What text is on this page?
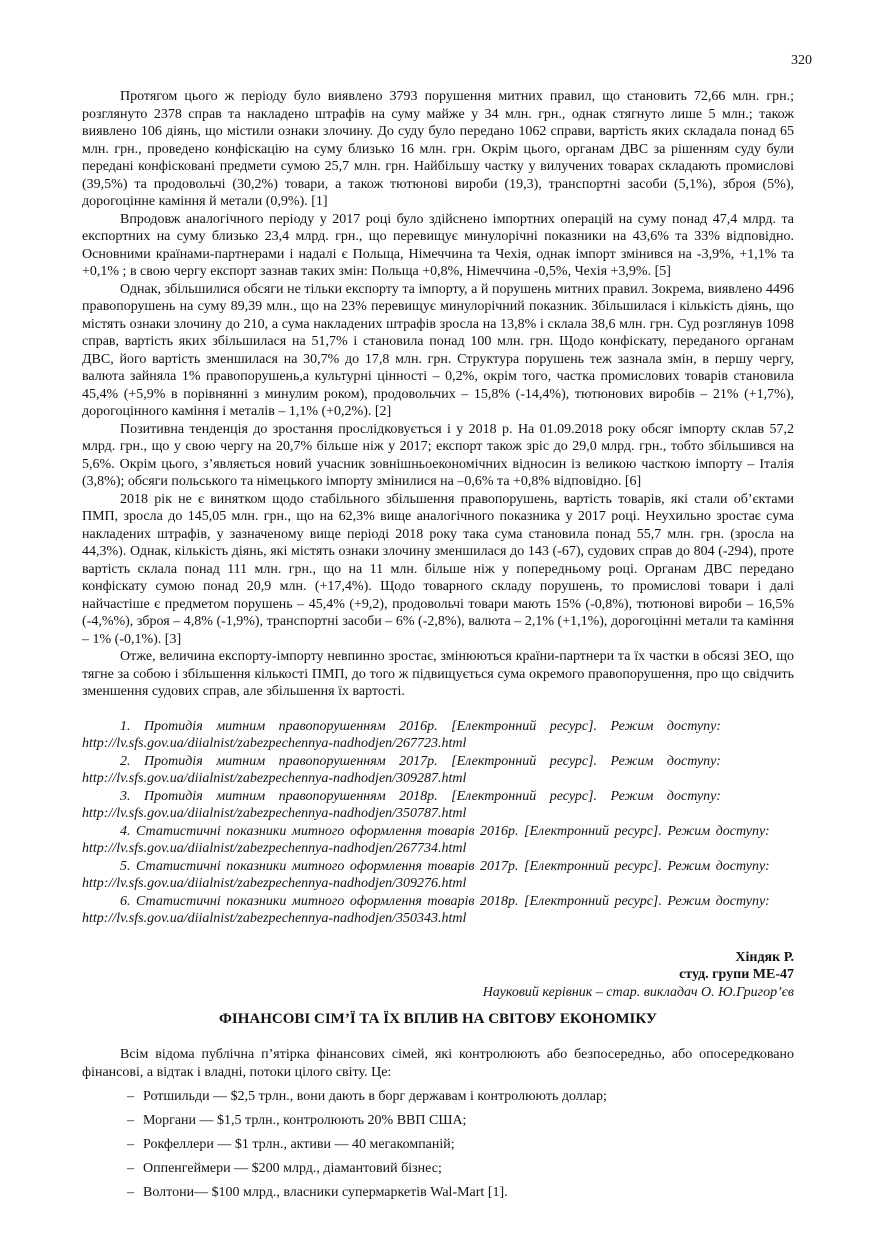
320

Протягом цього ж періоду було виявлено 3793 порушення митних правил, що становить 72,66 млн. грн.; розглянуто 2378 справ та накладено штрафів на суму майже у 34 млн. грн., однак стягнуто лише 5 млн.; також виявлено 106 діянь, що містили ознаки злочину. До суду було передано 1062 справи, вартість яких складала понад 65 млн. грн., проведено конфіскацію на суму близько 16 млн. грн. Окрім цього, органам ДВС за рішенням суду були передані конфісковані предмети сумою 25,7 млн. грн. Найбільшу частку у вилучених товарах складають промислові (39,5%) та продовольчі (30,2%) товари, а також тютюнові вироби (19,3), транспортні засоби (5,1%), зброя (5%), дорогоцінне каміння й метали (0,9%). [1]

Впродовж аналогічного періоду у 2017 році було здійснено імпортних операцій на суму понад 47,4 млрд. та експортних на суму близько 23,4 млрд. грн., що перевищує минулорічні показники на 43,6% та 33% відповідно. Основними країнами-партнерами і надалі є Польща, Німеччина та Чехія, однак імпорт змінився на -3,9%, +1,1% та +0,1% ; в свою чергу експорт зазнав таких змін: Польща +0,8%, Німеччина -0,5%, Чехія +3,9%. [5]

Однак, збільшилися обсяги не тільки експорту та імпорту, а й порушень митних правил. Зокрема, виявлено 4496 правопорушень на суму 89,39 млн., що на 23% перевищує минулорічний показник. Збільшилася і кількість діянь, що містять ознаки злочину до 210, а сума накладених штрафів зросла на 13,8% і склала 38,6 млн. грн. Суд розглянув 1098 справ, вартість яких збільшилася на 51,7% і становила понад 100 млн. грн. Щодо конфіскату, переданого органам ДВС, його вартість зменшилася на 30,7% до 17,8 млн. грн. Структура порушень теж зазнала змін, в першу чергу, валюта зайняла 1% правопорушень,а культурні цінності – 0,2%, окрім того, частка промислових товарів становила 45,4% (+5,9% в порівнянні з минулим роком), продовольчих – 15,8% (-14,4%), тютюнових виробів – 21% (+1,7%), дорогоцінного каміння і металів – 1,1% (+0,2%). [2]

Позитивна тенденція до зростання прослідковується і у 2018 р. На 01.09.2018 року обсяг імпорту склав 57,2 млрд. грн., що у свою чергу на 20,7% більше ніж у 2017; експорт також зріс до 29,0 млрд. грн., тобто збільшився на 5,6%. Окрім цього, з’являється новий учасник зовнішньоекономічних відносин із великою часткою імпорту – Італія (3,8%); обсяги польського та німецького імпорту змінилися на –0,6% та +0,8% відповідно. [6]

2018 рік не є винятком щодо стабільного збільшення правопорушень, вартість товарів, які стали об’єктами ПМП, зросла до 145,05 млн. грн., що на 62,3% вище аналогічного показника у 2017 році. Неухильно зростає сума накладених штрафів, у зазначеному вище періоді 2018 року така сума становила понад 55,7 млн. грн. (зросла на 44,3%). Однак, кількість діянь, які містять ознаки злочину зменшилася до 143 (-67), судових справ до 804 (-294), проте вартість склала понад 111 млн. грн., що на 11 млн. більше ніж у попередньому році. Органам ДВС передано конфіскату сумою понад 20,9 млн. (+17,4%). Щодо товарного складу порушень, то промислові товари і далі найчастіше є предметом порушень – 45,4% (+9,2), продовольчі товари мають 15% (-0,8%), тютюнові вироби – 16,5% (-4,%%), зброя – 4,8% (-1,9%), транспортні засоби – 6% (-2,8%), валюта – 2,1% (+1,1%), дорогоцінні метали та каміння – 1% (-0,1%). [3]

Отже, величина експорту-імпорту невпинно зростає, змінюються країни-партнери та їх частки в обсязі ЗЕО, що тягне за собою і збільшення кількості ПМП, до того ж підвищується сума окремого правопорушення, про що свідчить зменшення судових справ, але збільшення їх вартості.

1. Протидія митним правопорушенням 2016р. [Електронний ресурс]. Режим доступу:
http://lv.sfs.gov.ua/diialnist/zabezpechennya-nadhodjen/267723.html

2. Протидія митним правопорушенням 2017р. [Електронний ресурс]. Режим доступу:
http://lv.sfs.gov.ua/diialnist/zabezpechennya-nadhodjen/309287.html

3. Протидія митним правопорушенням 2018р. [Електронний ресурс]. Режим доступу:
http://lv.sfs.gov.ua/diialnist/zabezpechennya-nadhodjen/350787.html

4. Статистичні показники митного оформлення товарів 2016р. [Електронний ресурс]. Режим доступу:
http://lv.sfs.gov.ua/diialnist/zabezpechennya-nadhodjen/267734.html

5. Статистичні показники митного оформлення товарів 2017р. [Електронний ресурс]. Режим доступу:
http://lv.sfs.gov.ua/diialnist/zabezpechennya-nadhodjen/309276.html

6. Статистичні показники митного оформлення товарів 2018р. [Електронний ресурс]. Режим доступу:
http://lv.sfs.gov.ua/diialnist/zabezpechennya-nadhodjen/350343.html

Хіндяк Р.

студ. групи МЕ-47

Науковий керівник – стар. викладач О. Ю.Григор’єв

ФІНАНСОВІ СІМ’Ї ТА ЇХ ВПЛИВ НА СВІТОВУ ЕКОНОМІКУ

Всім відома публічна п’ятірка фінансових сімей, які контролюють або безпосередньо, або опосередковано фінансові, а відтак і владні, потоки цілого світу. Це:

– Ротшильди — $2,5 трлн., вони дають в борг державам і контролюють доллар;
– Моргани — $1,5 трлн., контролюють 20% ВВП США;
– Рокфеллери — $1 трлн., активи — 40 мегакомпаній;
– Оппенгеймери — $200 млрд., діамантовий бізнес;
– Волтони— $100 млрд., власники супермаркетів Wal-Mart [1].
